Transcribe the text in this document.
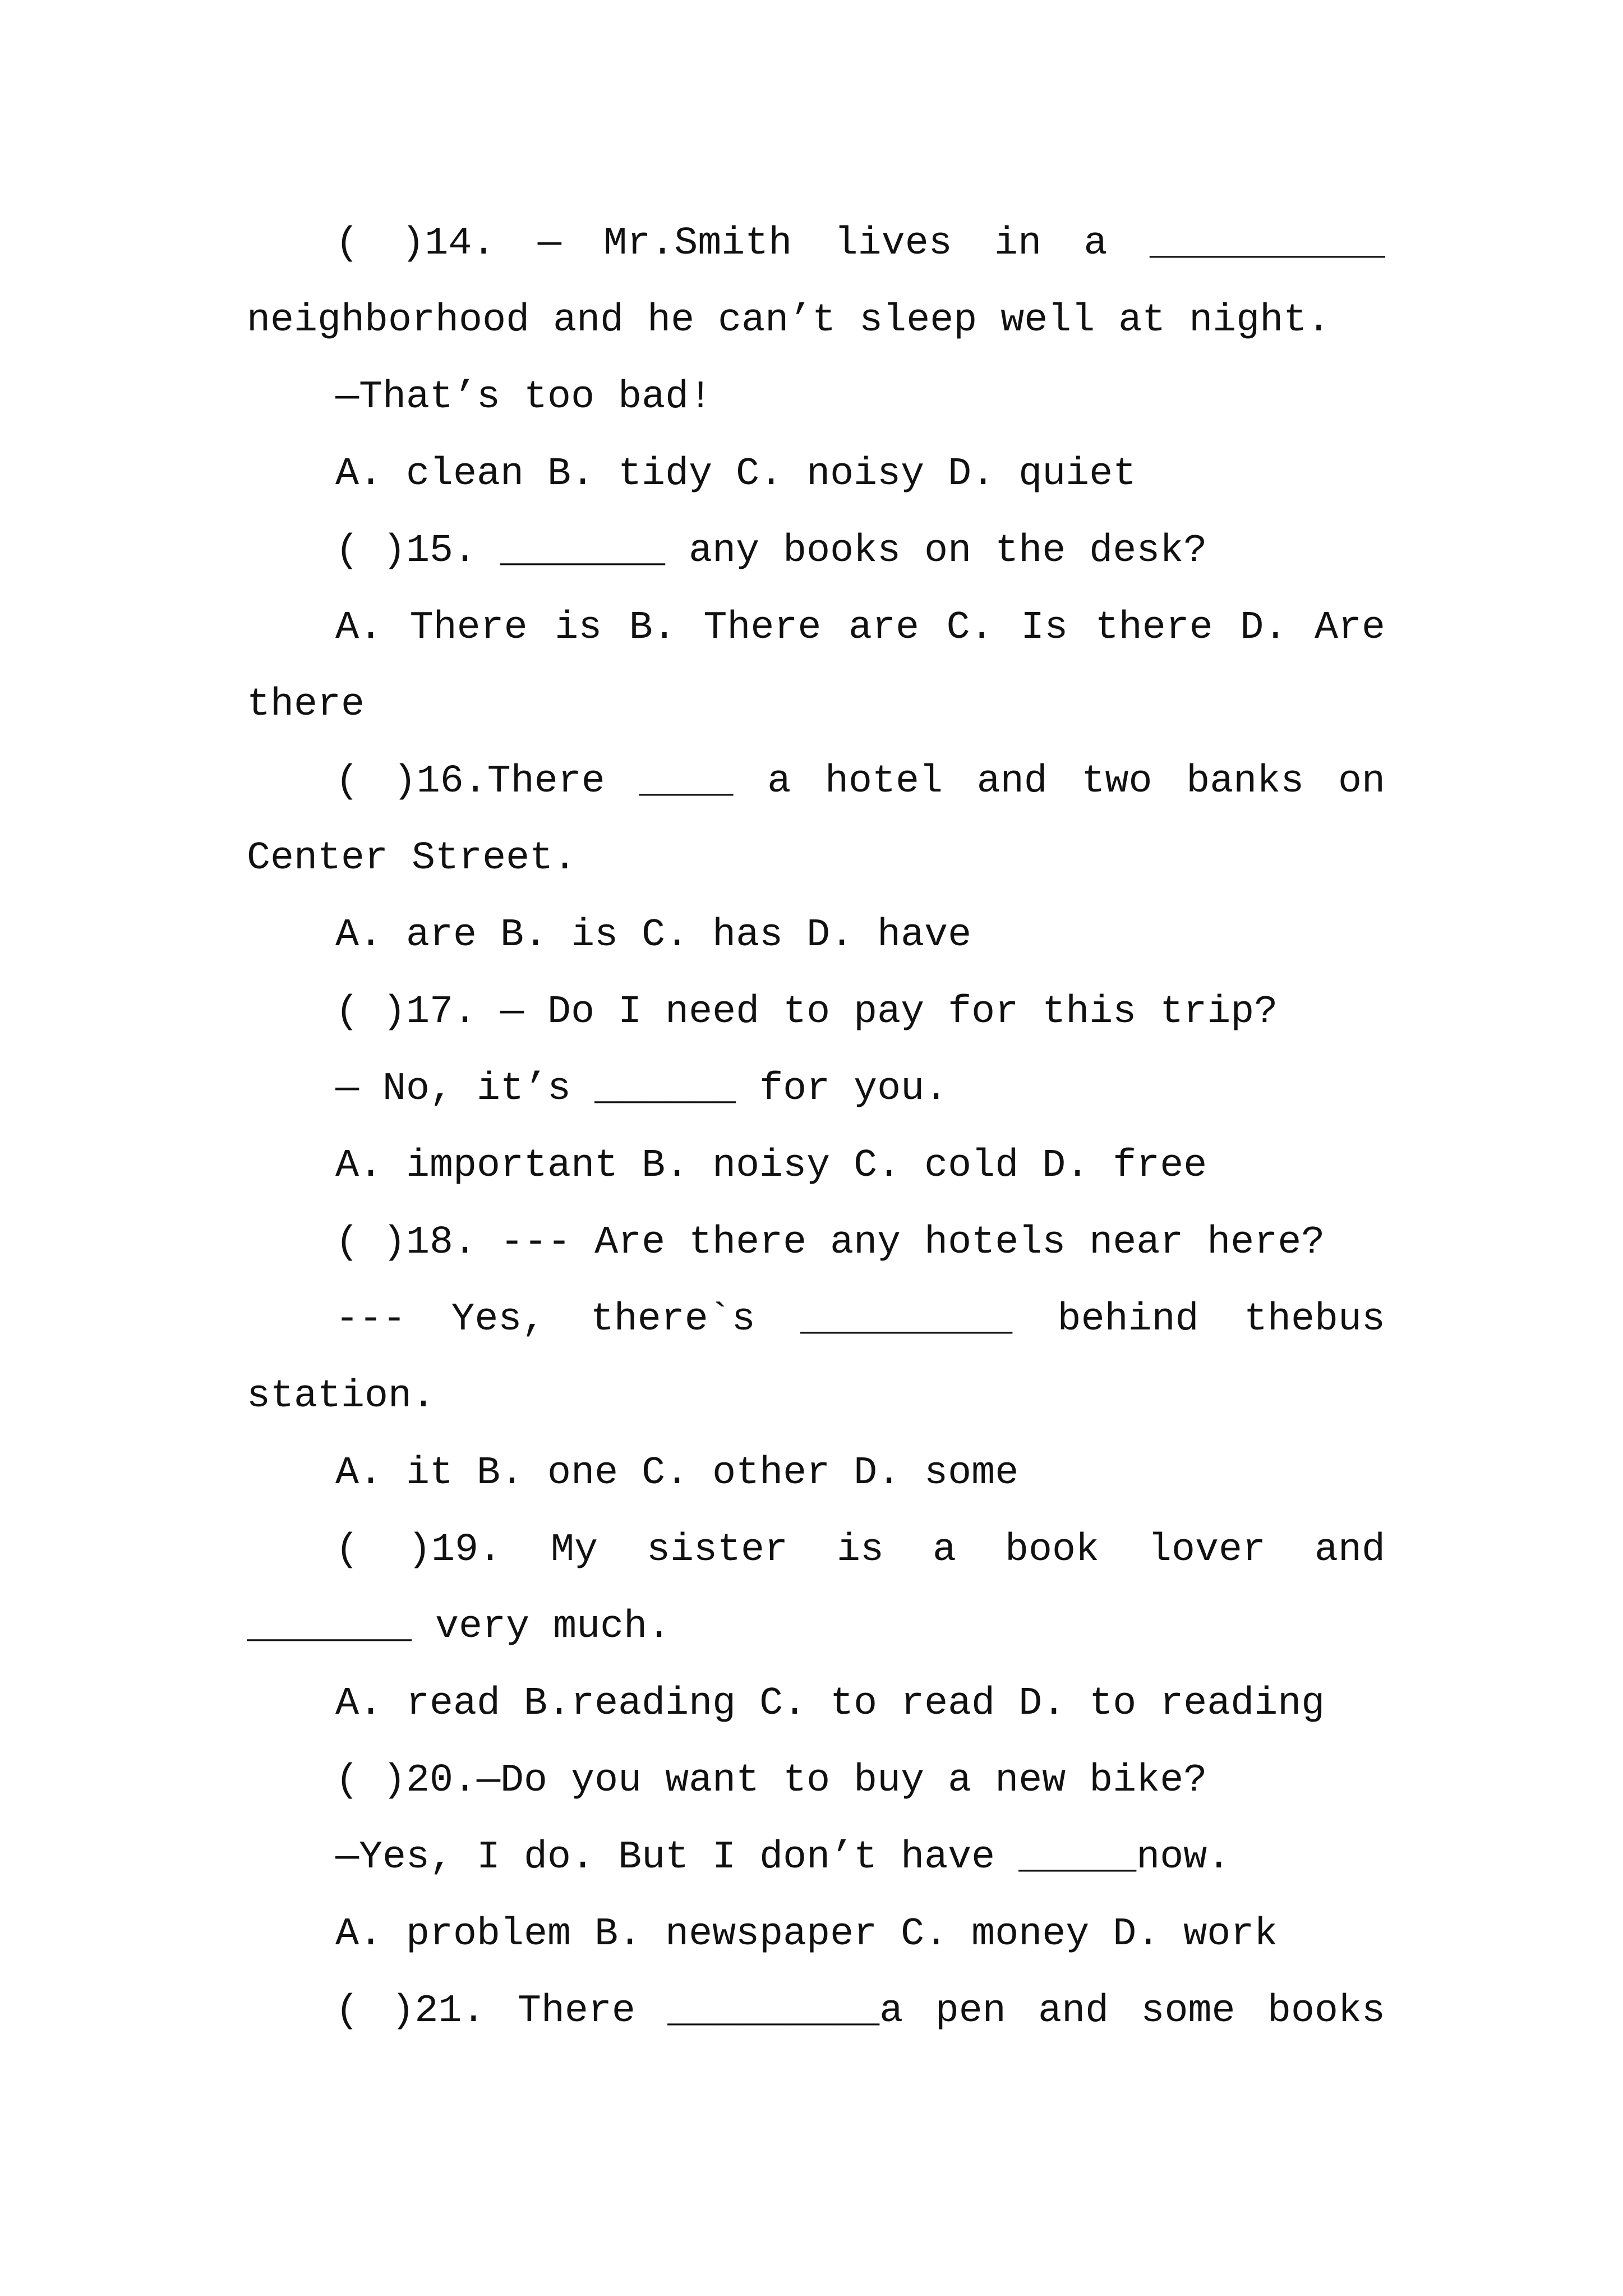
( )14. — Mr.Smith lives in a __________
neighborhood and he can’t sleep well at night.
—That’s too bad!
A. clean B. tidy C. noisy D. quiet
( )15. _______ any books on the desk?
A. There is B. There are C. Is there D. Are
there
( )16.There ____ a hotel and two banks on
Center Street.
A. are B. is C. has D. have
( )17. — Do I need to pay for this trip?
— No, it’s ______ for you.
A. important B. noisy C. cold D. free
( )18. --- Are there any hotels near here?
--- Yes, there`s _________ behind thebus
station.
A. it B. one C. other D. some
( )19. My sister is a book lover and
_______ very much.
A. read B.reading C. to read D. to reading
( )20.—Do you want to buy a new bike?
—Yes, I do. But I don’t have _____now.
A. problem B. newspaper C. money D. work
( )21. There _________a pen and some books
